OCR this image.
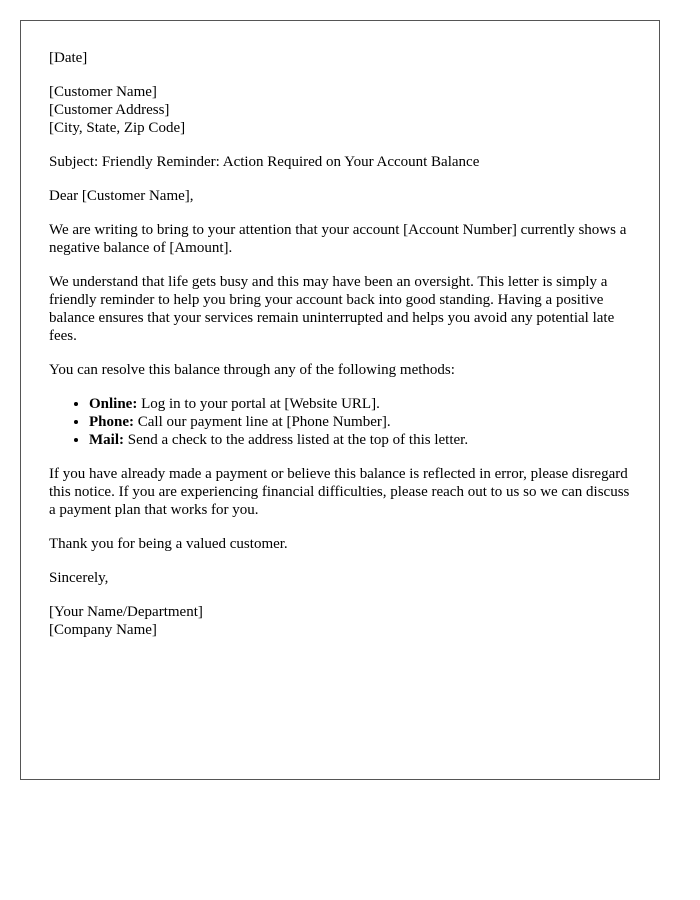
[Date]

[Customer Name]
[Customer Address]
[City, State, Zip Code]

Subject: Friendly Reminder: Action Required on Your Account Balance

Dear [Customer Name],

We are writing to bring to your attention that your account [Account Number] currently shows a negative balance of [Amount].

We understand that life gets busy and this may have been an oversight. This letter is simply a friendly reminder to help you bring your account back into good standing. Having a positive balance ensures that your services remain uninterrupted and helps you avoid any potential late fees.

You can resolve this balance through any of the following methods:

• Online: Log in to your portal at [Website URL].
• Phone: Call our payment line at [Phone Number].
• Mail: Send a check to the address listed at the top of this letter.

If you have already made a payment or believe this balance is reflected in error, please disregard this notice. If you are experiencing financial difficulties, please reach out to us so we can discuss a payment plan that works for you.

Thank you for being a valued customer.

Sincerely,

[Your Name/Department]
[Company Name]
